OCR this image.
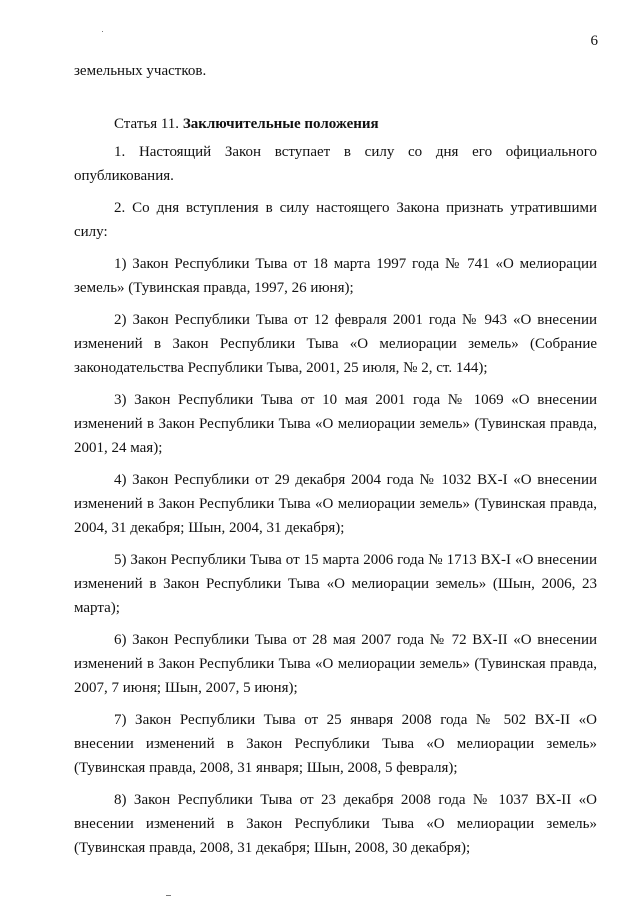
6

земельных участков.

Статья 11. Заключительные положения

1. Настоящий Закон вступает в силу со дня его официального опубликования.

2. Со дня вступления в силу настоящего Закона признать утратившими силу:

1) Закон Республики Тыва от 18 марта 1997 года № 741 «О мелиорации земель» (Тувинская правда, 1997, 26 июня);

2) Закон Республики Тыва от 12 февраля 2001 года № 943 «О внесении изменений в Закон Республики Тыва «О мелиорации земель» (Собрание законодательства Республики Тыва, 2001, 25 июля, № 2, ст. 144);

3) Закон Республики Тыва от 10 мая 2001 года № 1069 «О внесении изменений в Закон Республики Тыва «О мелиорации земель» (Тувинская правда, 2001, 24 мая);

4) Закон Республики от 29 декабря 2004 года № 1032 ВХ-I «О внесении изменений в Закон Республики Тыва «О мелиорации земель» (Тувинская правда, 2004, 31 декабря; Шын, 2004, 31 декабря);

5) Закон Республики Тыва от 15 марта 2006 года № 1713 ВХ-I «О внесении изменений в Закон Республики Тыва «О мелиорации земель» (Шын, 2006, 23 марта);

6) Закон Республики Тыва от 28 мая 2007 года № 72 ВХ-II «О внесении изменений в Закон Республики Тыва «О мелиорации земель» (Тувинская правда, 2007, 7 июня; Шын, 2007, 5 июня);

7) Закон Республики Тыва от 25 января 2008 года № 502 ВХ-II «О внесении изменений в Закон Республики Тыва «О мелиорации земель» (Тувинская правда, 2008, 31 января; Шын, 2008, 5 февраля);

8) Закон Республики Тыва от 23 декабря 2008 года № 1037 ВХ-II «О внесении изменений в Закон Республики Тыва «О мелиорации земель» (Тувинская правда, 2008, 31 декабря; Шын, 2008, 30 декабря);
